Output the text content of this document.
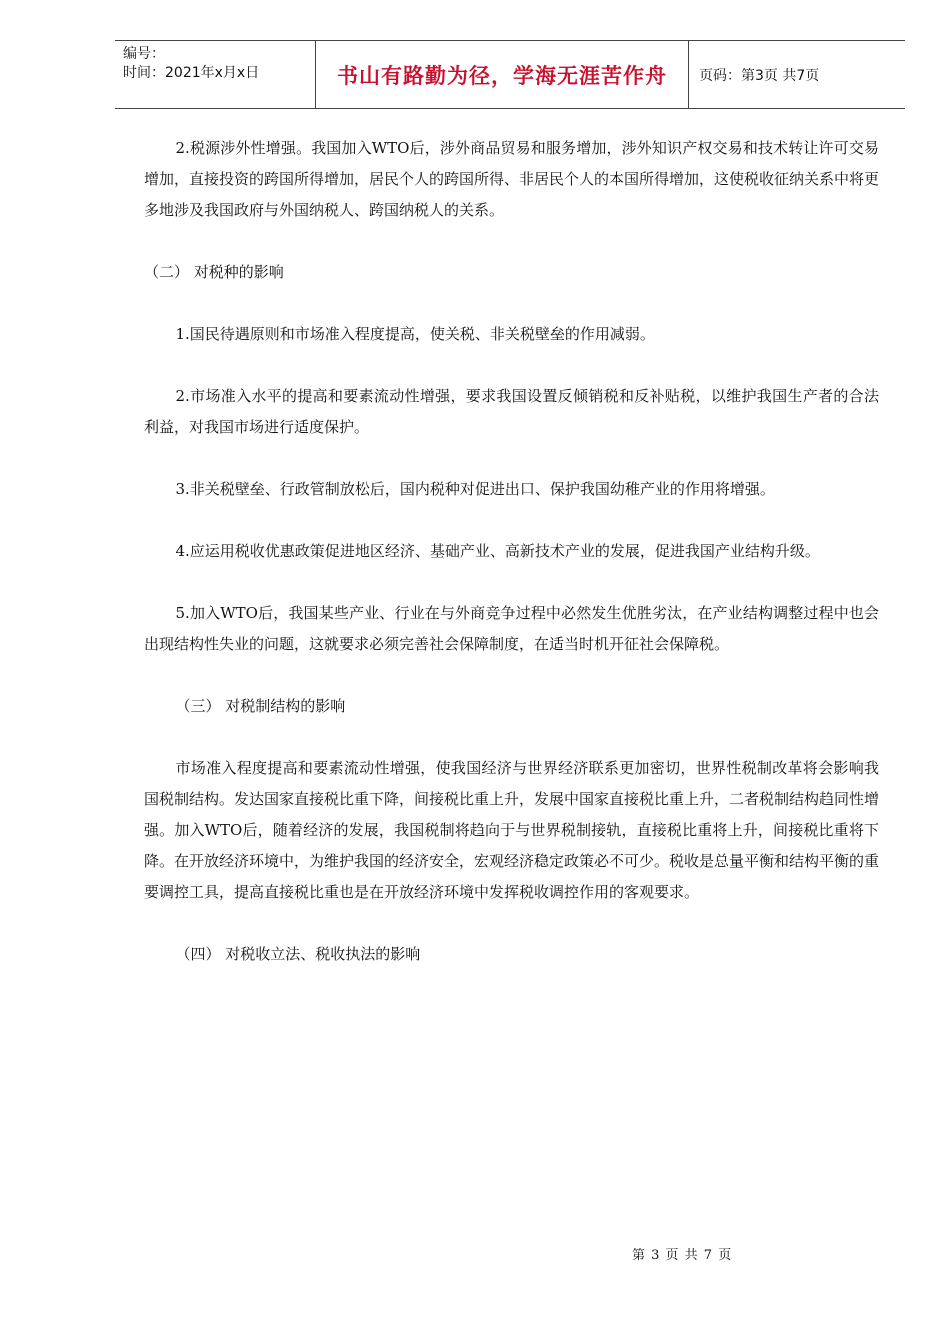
编号：
时间：2021年x月x日	书山有路勤为径，学海无涯苦作舟	页码：第3页 共7页

2.税源涉外性增强。我国加入WTO后，涉外商品贸易和服务增加，涉外知识产权交易和技术转让许可交易增加，直接投资的跨国所得增加，居民个人的跨国所得、非居民个人的本国所得增加，这使税收征纳关系中将更多地涉及我国政府与外国纳税人、跨国纳税人的关系。

（二） 对税种的影响

1.国民待遇原则和市场准入程度提高，使关税、非关税壁垒的作用减弱。

2.市场准入水平的提高和要素流动性增强，要求我国设置反倾销税和反补贴税，以维护我国生产者的合法利益，对我国市场进行适度保护。

3.非关税壁垒、行政管制放松后，国内税种对促进出口、保护我国幼稚产业的作用将增强。

4.应运用税收优惠政策促进地区经济、基础产业、高新技术产业的发展，促进我国产业结构升级。

5.加入WTO后，我国某些产业、行业在与外商竞争过程中必然发生优胜劣汰，在产业结构调整过程中也会出现结构性失业的问题，这就要求必须完善社会保障制度，在适当时机开征社会保障税。

（三） 对税制结构的影响

市场准入程度提高和要素流动性增强，使我国经济与世界经济联系更加密切，世界性税制改革将会影响我国税制结构。发达国家直接税比重下降，间接税比重上升，发展中国家直接税比重上升，二者税制结构趋同性增强。加入WTO后，随着经济的发展，我国税制将趋向于与世界税制接轨，直接税比重将上升，间接税比重将下降。在开放经济环境中，为维护我国的经济安全，宏观经济稳定政策必不可少。税收是总量平衡和结构平衡的重要调控工具，提高直接税比重也是在开放经济环境中发挥税收调控作用的客观要求。

（四） 对税收立法、税收执法的影响

第 3 页 共 7 页
